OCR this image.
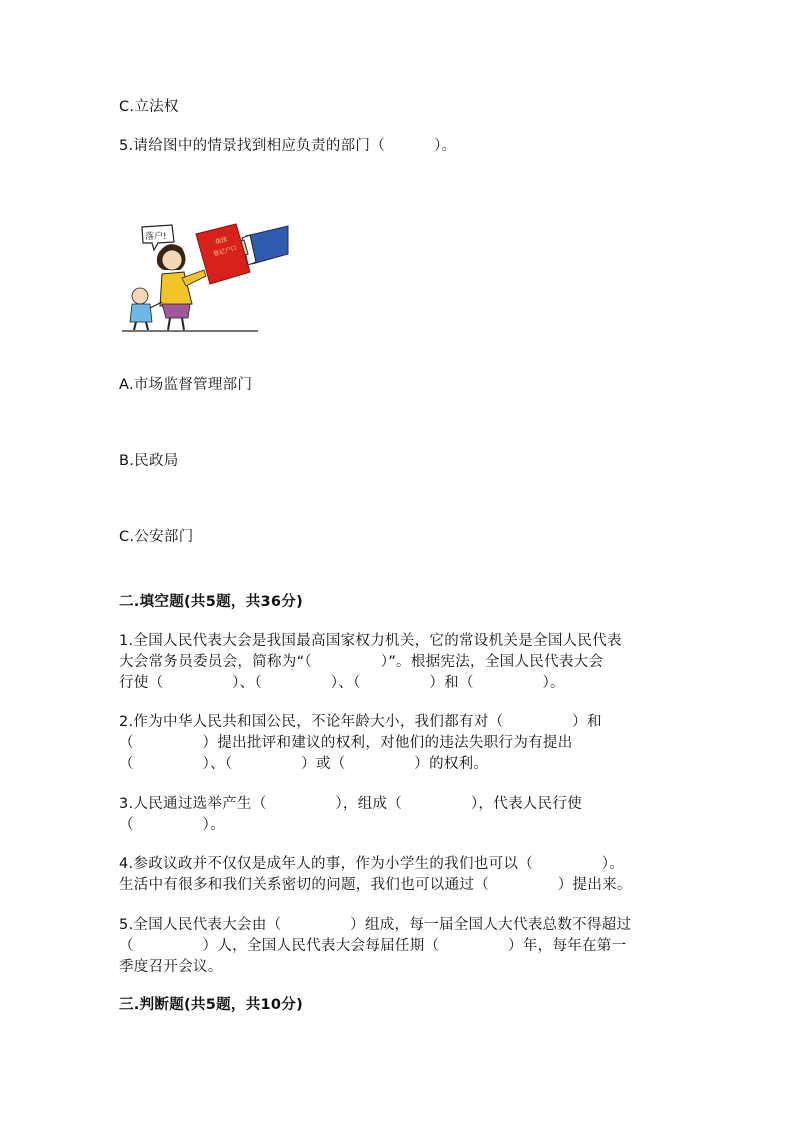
C.立法权
5.请给图中的情景找到相应负责的部门（          ）。
落户!	依法
登记户口
A.市场监督管理部门
B.民政局
C.公安部门
二.填空题(共5题，共36分)
1.全国人民代表大会是我国最高国家权力机关，它的常设机关是全国人民代表
大会常务员委员会，简称为“（              ）”。根据宪法，全国人民代表大会
行使（              ）、（              ）、（              ）和（              ）。
2.作为中华人民共和国公民，不论年龄大小，我们都有对（              ）和
（              ）提出批评和建议的权利，对他们的违法失职行为有提出
（              ）、（              ）或（              ）的权利。
3.人民通过选举产生（              ），组成（              ），代表人民行使
（              ）。
4.参政议政并不仅仅是成年人的事，作为小学生的我们也可以（              ）。
生活中有很多和我们关系密切的问题，我们也可以通过（              ）提出来。
5.全国人民代表大会由（              ）组成，每一届全国人大代表总数不得超过
（              ）人，全国人民代表大会每届任期（              ）年，每年在第一
季度召开会议。
三.判断题(共5题，共10分)
